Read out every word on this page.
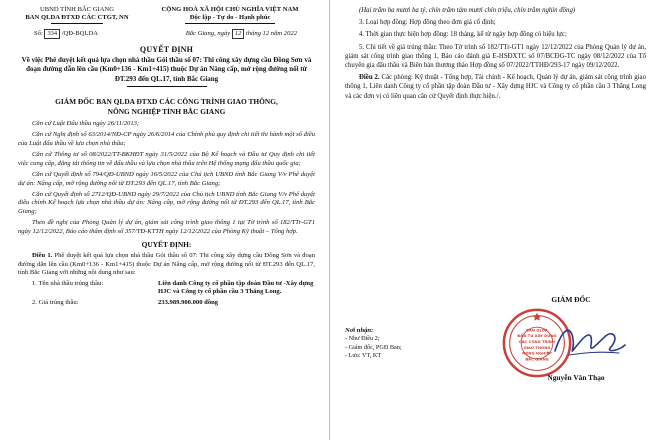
UBND TỈNH BẮC GIANG
BAN QLDA ĐTXD CÁC CTGT, NN
CỘNG HOÀ XÃ HỘI CHỦ NGHĨA VIỆT NAM
Độc lập - Tự do - Hạnh phúc
Số: 334 /QĐ-BQLDA	Bắc Giang, ngày 12 tháng 12 năm 2022
QUYẾT ĐỊNH
Về việc Phê duyệt kết quả lựa chọn nhà thầu Gói thầu số 07: Thi công xây dựng cầu Đồng Sơn và đoạn đường dẫn lên cầu (Km0+136 - Km1+415) thuộc Dự án Nâng cấp, mở rộng đường nối từ ĐT.293 đến QL.17, tỉnh Bắc Giang
GIÁM ĐỐC BAN QLDA ĐTXD CÁC CÔNG TRÌNH GIAO THÔNG,
NÔNG NGHIỆP TỈNH BẮC GIANG

Căn cứ Luật Đấu thầu ngày 26/11/2013;

Căn cứ Nghị định số 63/2014/NĐ-CP ngày 26/6/2014 của Chính phủ quy định chi tiết thi hành một số điều của Luật đấu thầu về lựa chọn nhà thầu;

Căn cứ Thông tư số 08/2022/TT-BKHĐT ngày 31/5/2022 của Bộ Kế hoạch và Đầu tư Quy định chi tiết việc cung cấp, đăng tải thông tin về đấu thầu và lựa chọn nhà thầu trên Hệ thống mạng đấu thầu quốc gia;

Căn cứ Quyết định số 794/QĐ-UBND ngày 16/5/2022 của Chủ tịch UBND tỉnh Bắc Giang V/v Phê duyệt dự án: Nâng cấp, mở rộng đường nối từ ĐT.293 đến QL.17, tỉnh Bắc Giang;

Căn cứ Quyết định số 2712/QĐ-UBND ngày 29/7/2022 của Chủ tịch UBND tỉnh Bắc Giang V/v Phê duyệt điều chỉnh Kế hoạch lựa chọn nhà thầu dự án: Nâng cấp, mở rộng đường nối từ ĐT.293 đến QL.17, tỉnh Bắc Giang;

Theo đề nghị của Phòng Quản lý dự án, giám sát công trình giao thông 1 tại Tờ trình số 182/TTr-GT1 ngày 12/12/2022, Báo cáo thẩm định số 357/TĐ-KTTH ngày 12/12/2022 của Phòng Kỹ thuật – Tổng hợp.

QUYẾT ĐỊNH:

Điều 1. Phê duyệt kết quả lựa chọn nhà thầu Gói thầu số 07: Thi công xây dựng cầu Đồng Sơn và đoạn đường dẫn lên cầu (Km0+136 - Km1+415) thuộc Dự án Nâng cấp, mở rộng đường nối từ ĐT.293 đến QL.17, tỉnh Bắc Giang với những nội dung như sau:

1. Tên nhà thầu trúng thầu:	Liên danh Công ty cổ phần tập đoàn Đầu tư -Xây dựng HJC và Công ty cổ phần cầu 3 Thăng Long.
2. Giá trúng thầu:	233.989.900.000 đồng

(Hai trăm ba mươi ba tỷ, chín trăm tám mươi chín triệu, chín trăm nghìn đồng)

3. Loại hợp đồng: Hợp đồng theo đơn giá cố định;

4. Thời gian thực hiện hợp đồng: 18 tháng, kể từ ngày hợp đồng có hiệu lực;

5. Chi tiết về giá trúng thầu: Theo Tờ trình số 182/TTr-GT1 ngày 12/12/2022 của Phòng Quản lý dự án, giám sát công trình giao thông 1, Báo cáo đánh giá E-HSĐXTC số 07/BCĐG-TC ngày 08/12/2022 của Tổ chuyên gia đấu thầu và Biên bản thương thảo Hợp đồng số 07/2022/TTHĐ/293-17 ngày 09/12/2022.

Điều 2. Các phòng: Kỹ thuật - Tổng hợp, Tài chính - Kế hoạch, Quản lý dự án, giám sát công trình giao thông 1, Liên danh Công ty cổ phần tập đoàn Đầu tư - Xây dựng HJC và Công ty cổ phần cầu 3 Thăng Long và các đơn vị có liên quan căn cứ Quyết định thực hiện./.

Nơi nhận:
- Như Điều 2;
- Giám đốc, PGĐ Ban;
- Lưu: VT, KT
GIÁM ĐỐC
BAN QLDA
ĐẦU TƯ XÂY DỰNG
CÁC CÔNG TRÌNH
GIAO THÔNG
NÔNG NGHIỆP
BẮC GIANG
Nguyễn Văn Thạo
